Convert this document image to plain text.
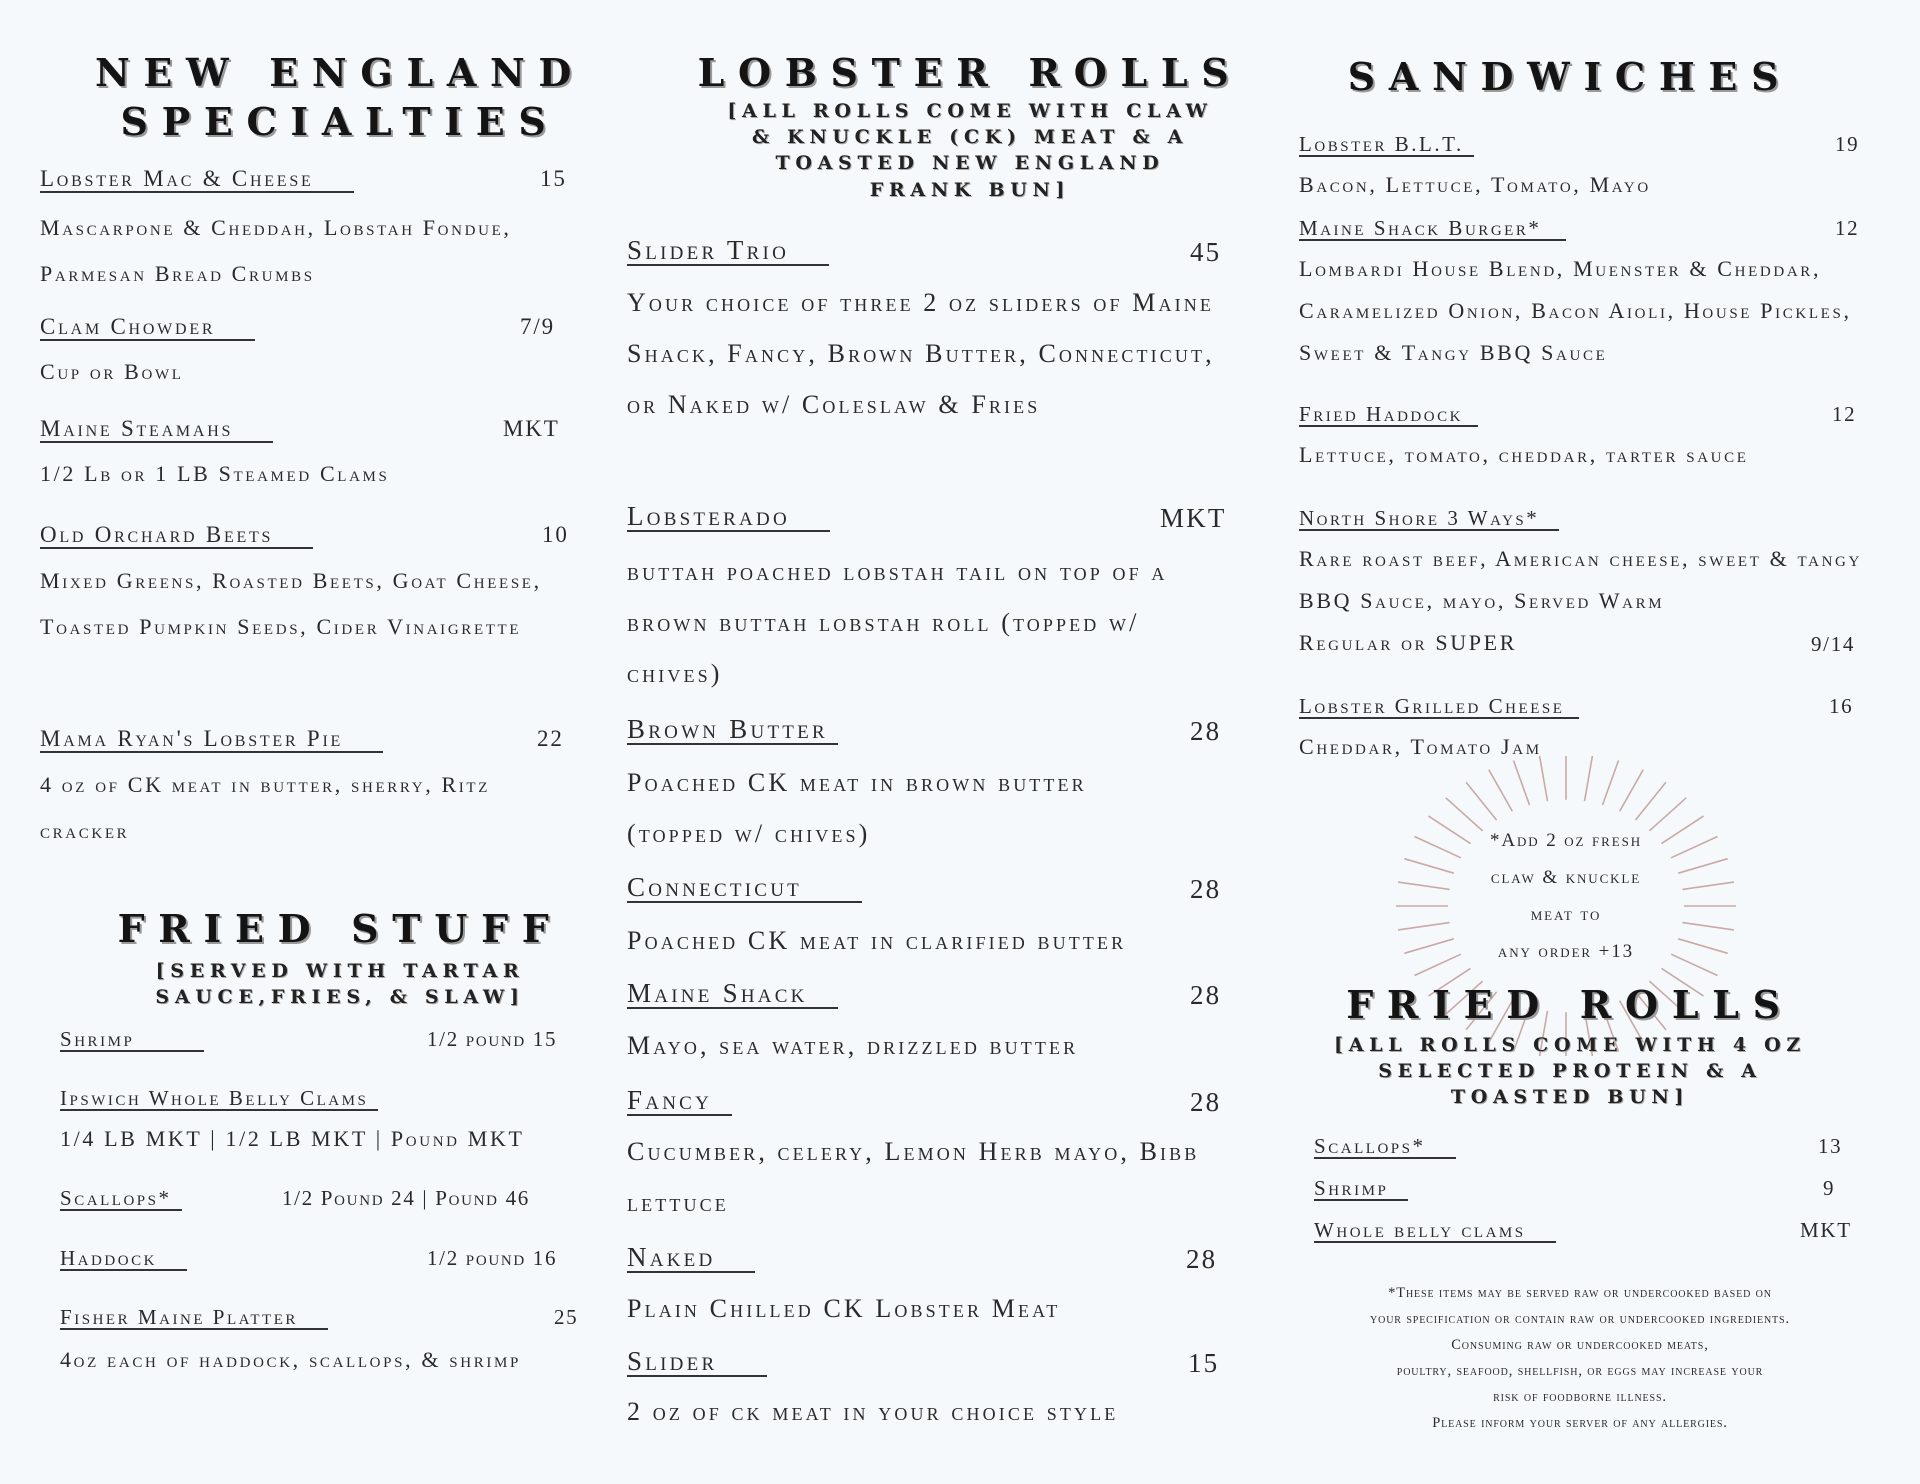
NEW ENGLAND
SPECIALTIES
Lobster Mac & Cheese	15
Mascarpone & Cheddah, Lobstah Fondue, Parmesan Bread Crumbs
Clam Chowder	7/9
Cup or Bowl
Maine Steamahs	MKT
1/2 Lb or 1 LB Steamed Clams
Old Orchard Beets	10
Mixed Greens, Roasted Beets, Goat Cheese, Toasted Pumpkin Seeds, Cider Vinaigrette
Mama Ryan's Lobster Pie	22
4 oz of CK meat in butter, sherry, Ritz cracker
FRIED STUFF
[SERVED WITH TARTAR
SAUCE,FRIES, & SLAW]
Shrimp	1/2 pound 15
Ipswich Whole Belly Clams
1/4 LB MKT | 1/2 LB MKT | Pound MKT
Scallops*	1/2 Pound 24 | Pound 46
Haddock	1/2 pound 16
Fisher Maine Platter	25
4oz each of haddock, scallops, & shrimp
LOBSTER ROLLS
[ALL ROLLS COME WITH CLAW
& KNUCKLE (CK) MEAT & A
TOASTED NEW ENGLAND
FRANK BUN]
Slider Trio	45
Your choice of three 2 oz sliders of Maine Shack, Fancy, Brown Butter, Connecticut, or Naked w/ Coleslaw & Fries
Lobsterado	MKT
buttah poached lobstah tail on top of a brown buttah lobstah roll (topped w/ chives)
Brown Butter	28
Poached CK meat in brown butter (topped w/ chives)
Connecticut	28
Poached CK meat in clarified butter
Maine Shack	28
Mayo, sea water, drizzled butter
Fancy	28
Cucumber, celery, Lemon Herb mayo, Bibb lettuce
Naked	28
Plain Chilled CK Lobster Meat
Slider	15
2 oz of ck meat in your choice style
SANDWICHES
Lobster B.L.T.	19
Bacon, Lettuce, Tomato, Mayo
Maine Shack Burger*	12
Lombardi House Blend, Muenster & Cheddar, Caramelized Onion, Bacon Aioli, House Pickles, Sweet & Tangy BBQ Sauce
Fried Haddock	12
Lettuce, tomato, cheddar, tarter sauce
North Shore 3 Ways*
Rare roast beef, American cheese, sweet & tangy BBQ Sauce, mayo, Served Warm
Regular or SUPER	9/14
Lobster Grilled Cheese	16
Cheddar, Tomato Jam
*Add 2 oz fresh
claw & knuckle
meat to
any order +13
FRIED ROLLS
[ALL ROLLS COME WITH 4 OZ
SELECTED PROTEIN & A
TOASTED BUN]
Scallops*	13
Shrimp	9
Whole belly clams	MKT
*These items may be served raw or undercooked based on
your specification or contain raw or undercooked ingredients.
Consuming raw or undercooked meats,
poultry, seafood, shellfish, or eggs may increase your
risk of foodborne illness.
Please inform your server of any allergies.
